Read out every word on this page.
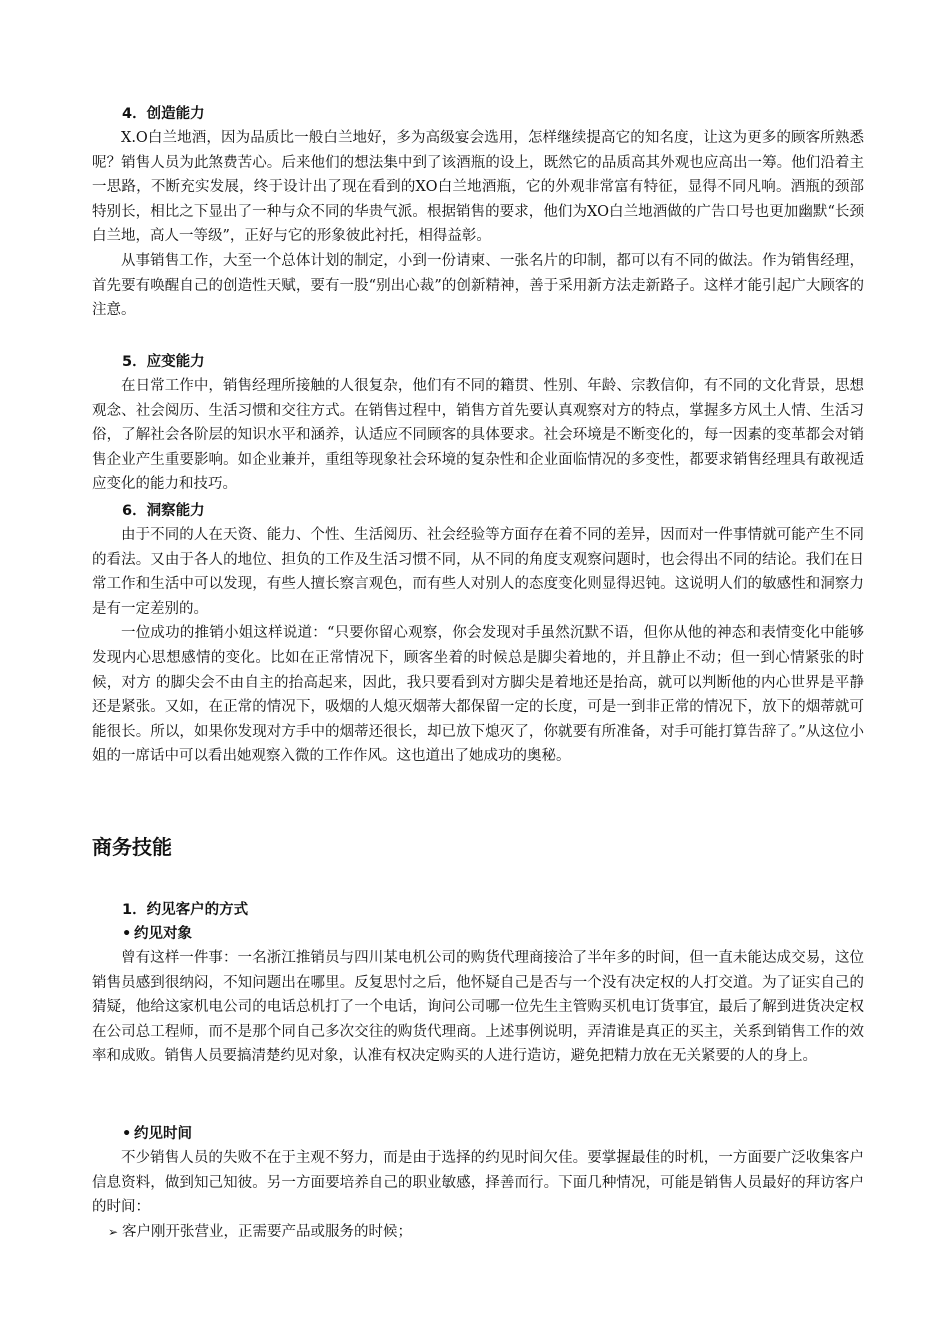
4．创造能力

X.O白兰地酒，因为品质比一般白兰地好，多为高级宴会选用，怎样继续提高它的知名度，让这为更多的顾客所熟悉呢？销售人员为此煞费苦心。后来他们的想法集中到了该酒瓶的设上，既然它的品质高其外观也应高出一筹。他们沿着主一思路，不断充实发展，终于设计出了现在看到的XO白兰地酒瓶，它的外观非常富有特征，显得不同凡响。酒瓶的颈部特别长，相比之下显出了一种与众不同的华贵气派。根据销售的要求，他们为XO白兰地酒做的广告口号也更加幽默“长颈白兰地，高人一等级”，正好与它的形象彼此衬托，相得益彰。

从事销售工作，大至一个总体计划的制定，小到一份请柬、一张名片的印制，都可以有不同的做法。作为销售经理，首先要有唤醒自己的创造性天赋，要有一股“别出心裁”的创新精神，善于采用新方法走新路子。这样才能引起广大顾客的注意。

5．应变能力

在日常工作中，销售经理所接触的人很复杂，他们有不同的籍贯、性别、年龄、宗教信仰，有不同的文化背景，思想观念、社会阅历、生活习惯和交往方式。在销售过程中，销售方首先要认真观察对方的特点，掌握多方风土人情、生活习俗，了解社会各阶层的知识水平和涵养，认适应不同顾客的具体要求。社会环境是不断变化的，每一因素的变革都会对销售企业产生重要影响。如企业兼并，重组等现象社会环境的复杂性和企业面临情况的多变性，都要求销售经理具有敢视适应变化的能力和技巧。

6．洞察能力

由于不同的人在天资、能力、个性、生活阅历、社会经验等方面存在着不同的差异，因而对一件事情就可能产生不同的看法。又由于各人的地位、担负的工作及生活习惯不同，从不同的角度支观察问题时，也会得出不同的结论。我们在日常工作和生活中可以发现，有些人擅长察言观色，而有些人对别人的态度变化则显得迟钝。这说明人们的敏感性和洞察力是有一定差别的。

一位成功的推销小姐这样说道：“只要你留心观察，你会发现对手虽然沉默不语，但你从他的神态和表情变化中能够发现内心思想感情的变化。比如在正常情况下，顾客坐着的时候总是脚尖着地的，并且静止不动；但一到心情紧张的时候，对方 的脚尖会不由自主的抬高起来，因此，我只要看到对方脚尖是着地还是抬高，就可以判断他的内心世界是平静还是紧张。又如，在正常的情况下，吸烟的人熄灭烟蒂大都保留一定的长度，可是一到非正常的情况下，放下的烟蒂就可能很长。所以，如果你发现对方手中的烟蒂还很长，却已放下熄灭了，你就要有所准备，对手可能打算告辞了。”从这位小姐的一席话中可以看出她观察入微的工作作风。这也道出了她成功的奥秘。

商务技能
1．约见客户的方式
• 约见对象

曾有这样一件事：一名浙江推销员与四川某电机公司的购货代理商接洽了半年多的时间，但一直未能达成交易，这位销售员感到很纳闷，不知问题出在哪里。反复思忖之后，他怀疑自己是否与一个没有决定权的人打交道。为了证实自己的猜疑，他给这家机电公司的电话总机打了一个电话，询问公司哪一位先生主管购买机电订货事宜，最后了解到进货决定权在公司总工程师，而不是那个同自己多次交往的购货代理商。上述事例说明，弄清谁是真正的买主，关系到销售工作的效率和成败。销售人员要搞清楚约见对象，认准有权决定购买的人进行造访，避免把精力放在无关紧要的人的身上。

• 约见时间

不少销售人员的失败不在于主观不努力，而是由于选择的约见时间欠佳。要掌握最佳的时机，一方面要广泛收集客户信息资料，做到知己知彼。另一方面要培养自己的职业敏感，择善而行。下面几种情况，可能是销售人员最好的拜访客户的时间：

➢ 客户刚开张营业，正需要产品或服务的时候；
